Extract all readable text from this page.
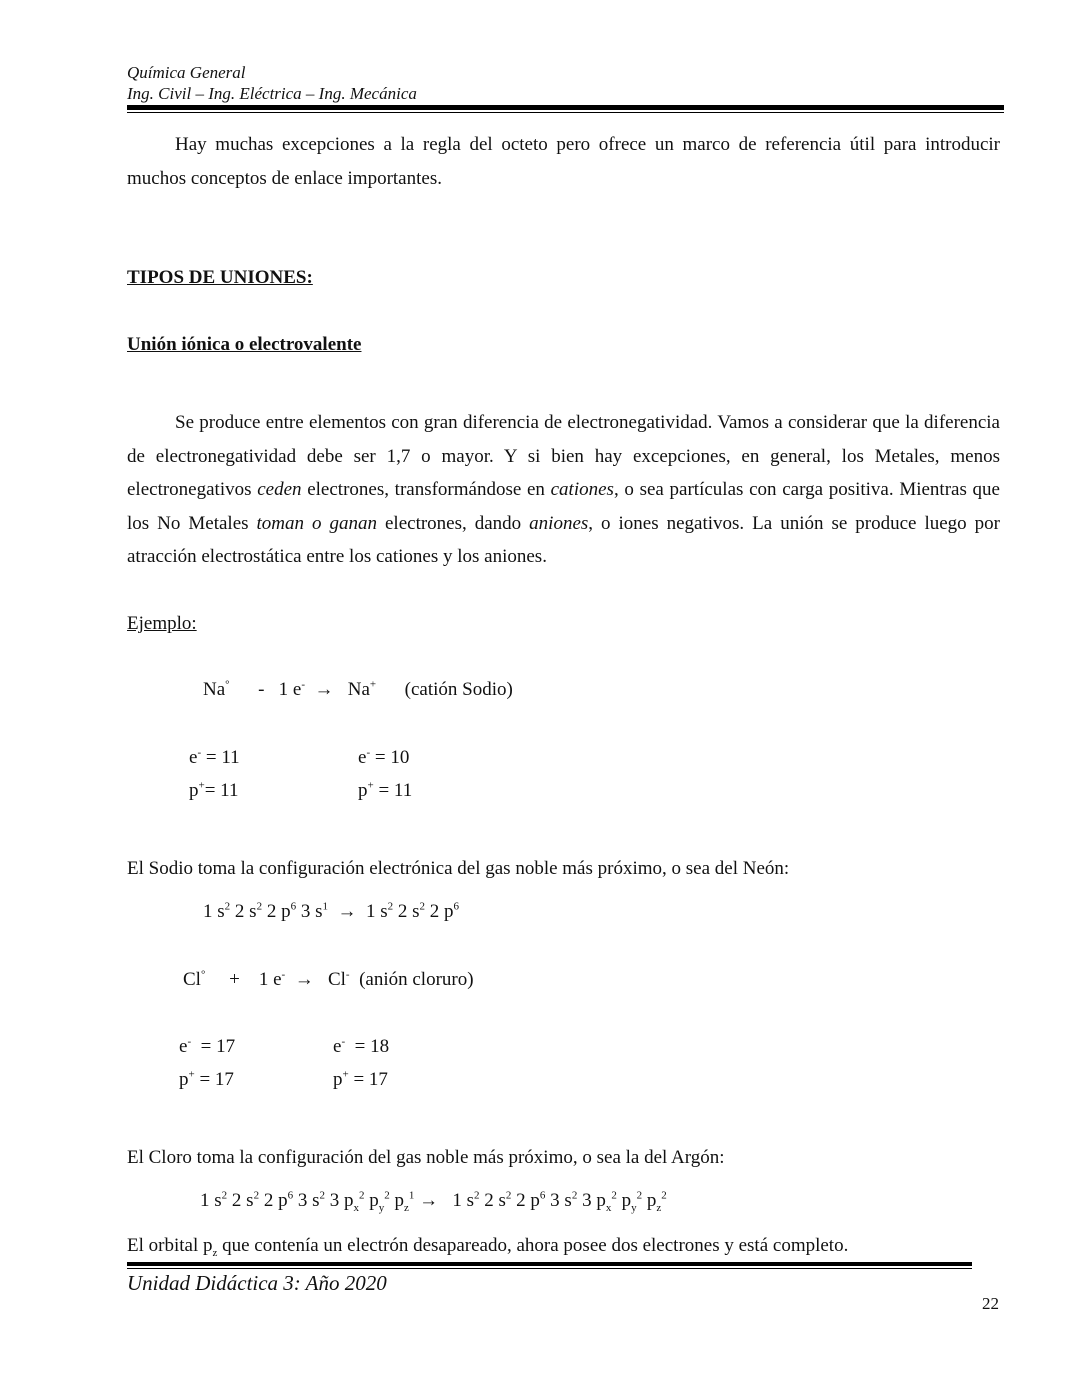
Química General
Ing. Civil – Ing. Eléctrica – Ing. Mecánica
Hay muchas excepciones a la regla del octeto pero ofrece un marco de referencia útil para introducir muchos conceptos de enlace importantes.
TIPOS DE UNIONES:
Unión iónica o electrovalente
Se produce entre elementos con gran diferencia de electronegatividad. Vamos a considerar que la diferencia de electronegatividad debe ser 1,7 o mayor. Y si bien hay excepciones, en general, los Metales, menos electronegativos ceden electrones, transformándose en cationes, o sea partículas con carga positiva. Mientras que los No Metales toman o ganan electrones, dando aniones, o iones negativos. La unión se produce luego por atracción electrostática entre los cationes y los aniones.
Ejemplo:
Na°      -   1 e-  →   Na+      (catión Sodio)
e- = 11
p+= 11
e- = 10
p+ = 11
El Sodio toma la configuración electrónica del gas noble más próximo, o sea del Neón:
1 $s^2$ 2 $s^2$ 2 $p^6$ 3 $s^1 \to 1$ $s^2$ 2 $s^2$ 2 $p^6$
Cl°     +    1 e-  →   Cl-  (anión cloruro)
e-  = 17
p+ = 17
e-  = 18
p+ = 17
El Cloro toma la configuración del gas noble más próximo, o sea la del Argón:
1 $s^2$ 2 $s^2$ 2 $p^6$ 3 $s^2$ 3 $p_x^2$ $p_y^2$ $p_z^1 \to 1$ $s^2$ 2 $s^2$ 2 $p^6$ 3 $s^2$ 3 $p_x^2$ $p_y^2$ $p_z^2$
El orbital $p_z$ que contenía un electrón desapareado, ahora posee dos electrones y está completo.
Unidad Didáctica 3: Año 2020
22
